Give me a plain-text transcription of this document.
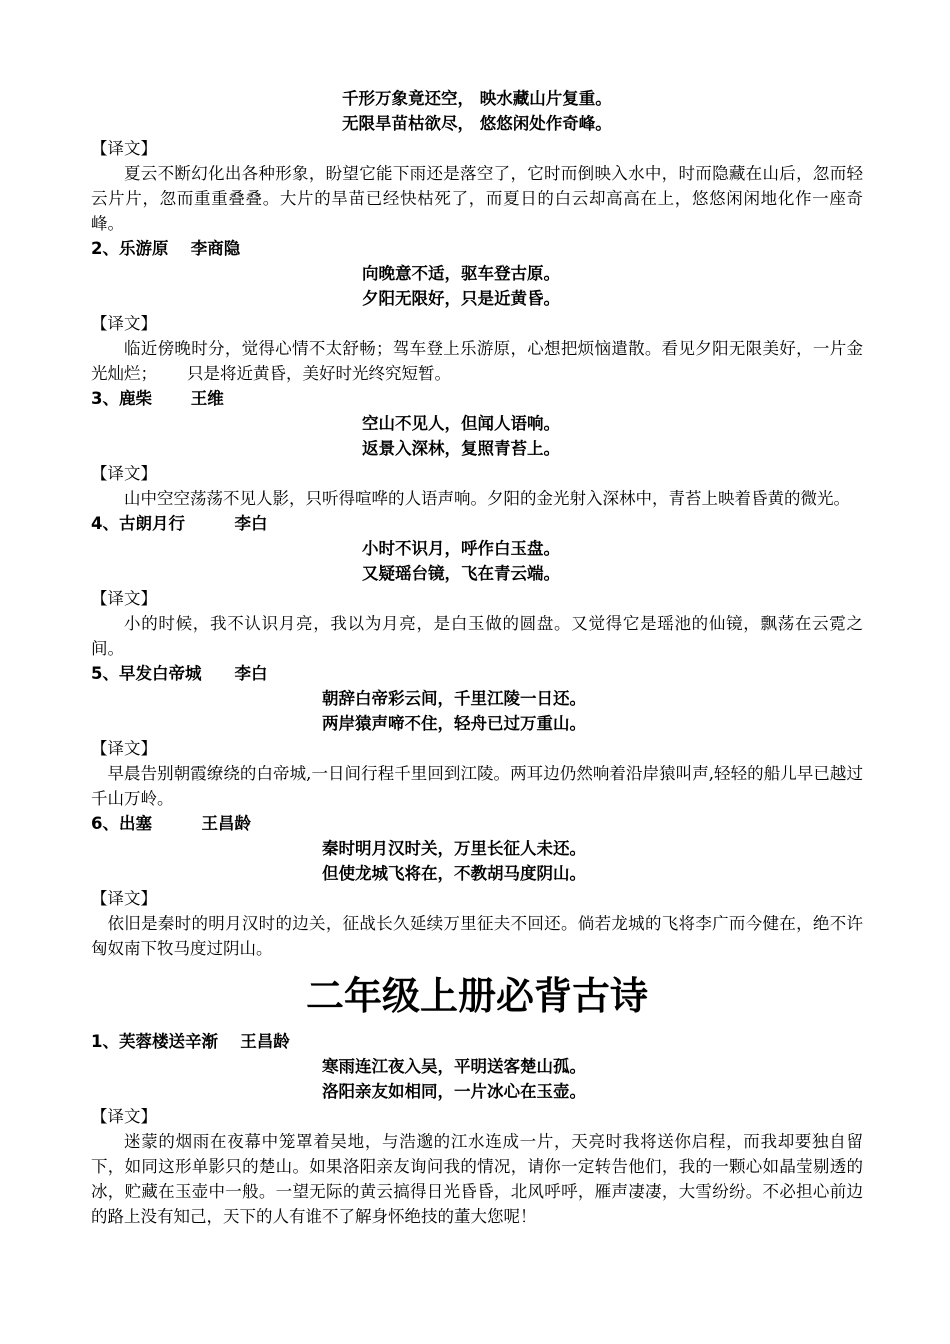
千形万象竟还空， 映水藏山片复重。
无限旱苗枯欲尽， 悠悠闲处作奇峰。
【译文】

夏云不断幻化出各种形象，盼望它能下雨还是落空了，它时而倒映入水中，时而隐藏在山后，忽而轻云片片，忽而重重叠叠。大片的旱苗已经快枯死了，而夏日的白云却高高在上，悠悠闲闲地化作一座奇峰。

2、乐游原　 李商隐
向晚意不适，驱车登古原。
夕阳无限好，只是近黄昏。
【译文】

临近傍晚时分，觉得心情不太舒畅；驾车登上乐游原，心想把烦恼遣散。看见夕阳无限美好，一片金光灿烂；　　 只是将近黄昏，美好时光终究短暂。

3、鹿柴　　 王维
空山不见人，但闻人语响。
返景入深林，复照青苔上。
【译文】

山中空空荡荡不见人影，只听得喧哗的人语声响。夕阳的金光射入深林中，青苔上映着昏黄的微光。

4、古朗月行　　　李白
小时不识月，呼作白玉盘。
又疑瑶台镜，飞在青云端。
【译文】

小的时候，我不认识月亮，我以为月亮，是白玉做的圆盘。又觉得它是瑶池的仙镜，飘荡在云霓之间。

5、早发白帝城　　李白
朝辞白帝彩云间，千里江陵一日还。
两岸猿声啼不住，轻舟已过万重山。
【译文】

早晨告别朝霞缭绕的白帝城,一日间行程千里回到江陵。两耳边仍然响着沿岸猿叫声,轻轻的船儿早已越过千山万岭。

6、出塞　　　王昌龄
秦时明月汉时关，万里长征人未还。
但使龙城飞将在，不教胡马度阴山。
【译文】

依旧是秦时的明月汉时的边关，征战长久延续万里征夫不回还。倘若龙城的飞将李广而今健在，绝不许匈奴南下牧马度过阴山。

二年级上册必背古诗
1、芙蓉楼送辛渐　 王昌龄
寒雨连江夜入吴，平明送客楚山孤。
洛阳亲友如相同，一片冰心在玉壶。
【译文】

迷蒙的烟雨在夜幕中笼罩着吴地，与浩邈的江水连成一片，天亮时我将送你启程，而我却要独自留下，如同这形单影只的楚山。如果洛阳亲友询问我的情况，请你一定转告他们，我的一颗心如晶莹剔透的冰，贮藏在玉壶中一般。一望无际的黄云搞得日光昏昏，北风呼呼，雁声凄凄，大雪纷纷。不必担心前边的路上没有知己，天下的人有谁不了解身怀绝技的董大您呢！
